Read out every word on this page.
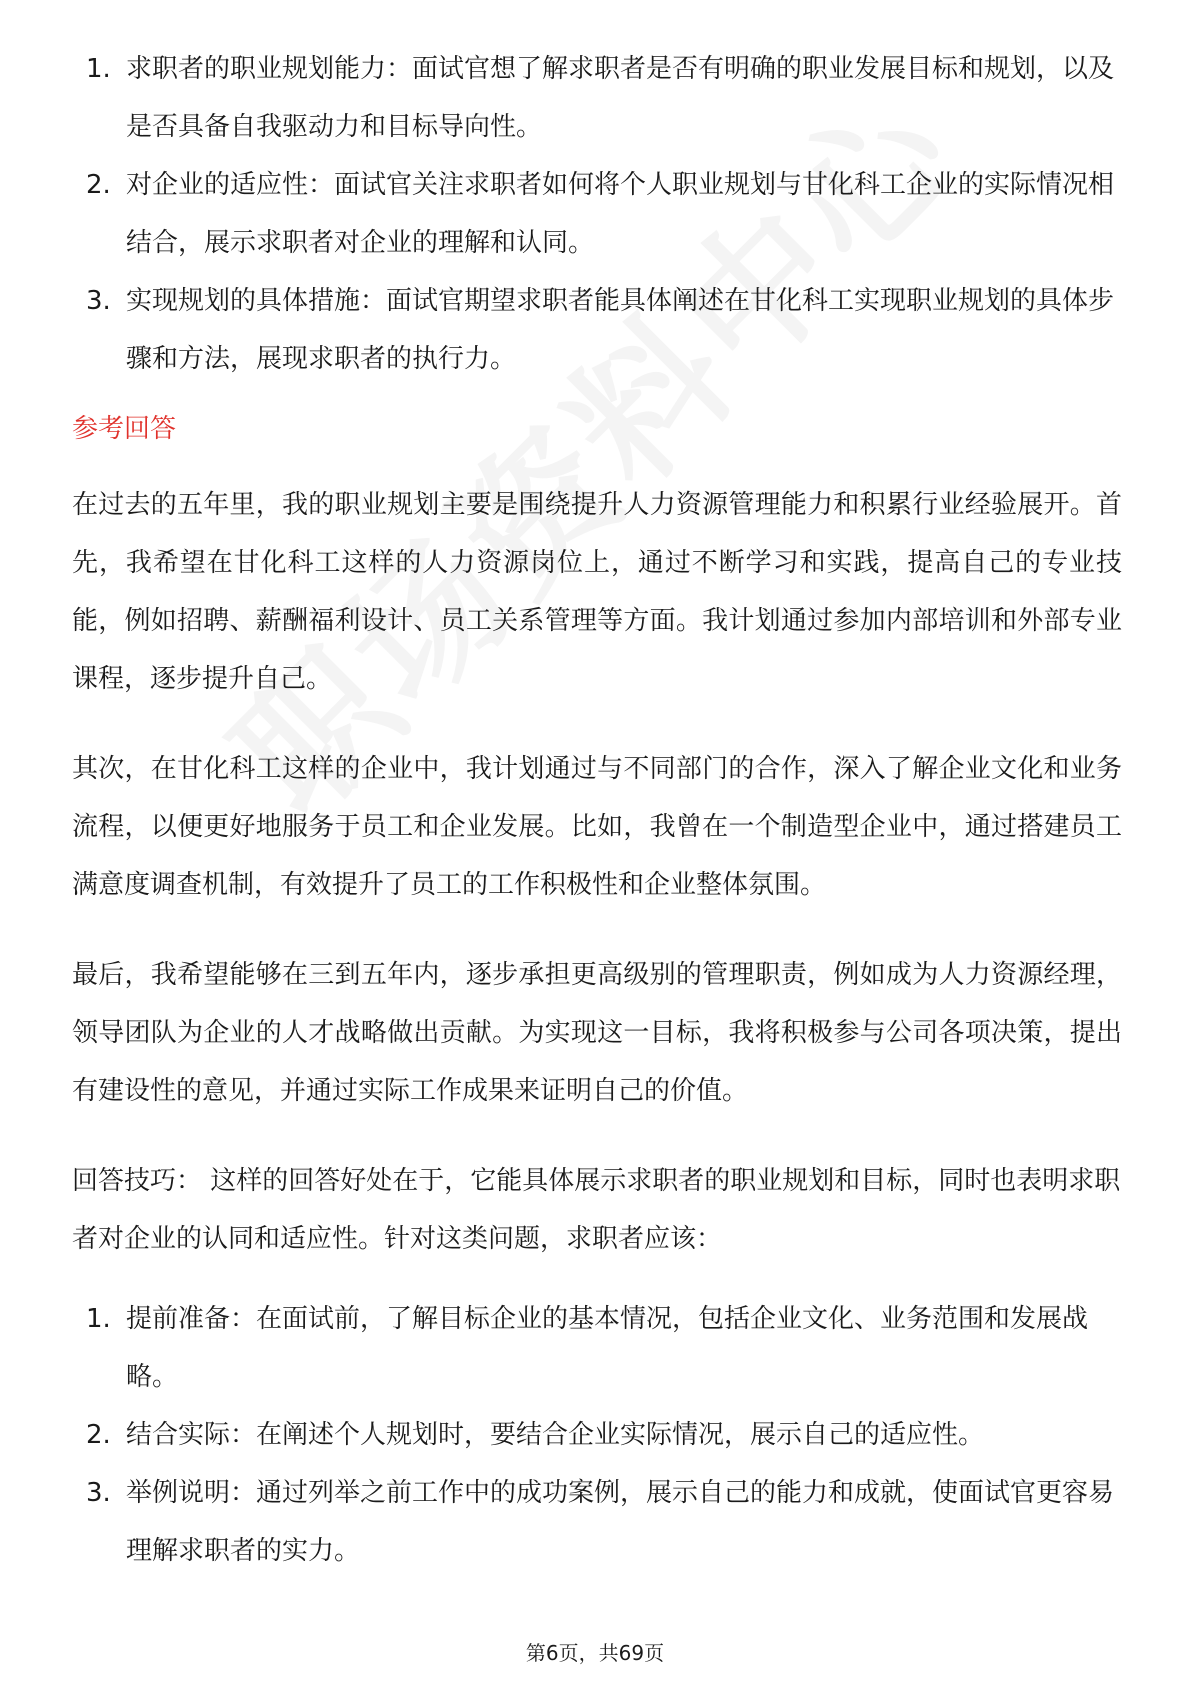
1. 求职者的职业规划能力：面试官想了解求职者是否有明确的职业发展目标和规划，以及是否具备自我驱动力和目标导向性。
2. 对企业的适应性：面试官关注求职者如何将个人职业规划与甘化科工企业的实际情况相结合，展示求职者对企业的理解和认同。
3. 实现规划的具体措施：面试官期望求职者能具体阐述在甘化科工实现职业规划的具体步骤和方法，展现求职者的执行力。
参考回答

在过去的五年里，我的职业规划主要是围绕提升人力资源管理能力和积累行业经验展开。首先，我希望在甘化科工这样的人力资源岗位上，通过不断学习和实践，提高自己的专业技能，例如招聘、薪酬福利设计、员工关系管理等方面。我计划通过参加内部培训和外部专业课程，逐步提升自己。

其次，在甘化科工这样的企业中，我计划通过与不同部门的合作，深入了解企业文化和业务流程，以便更好地服务于员工和企业发展。比如，我曾在一个制造型企业中，通过搭建员工满意度调查机制，有效提升了员工的工作积极性和企业整体氛围。

最后，我希望能够在三到五年内，逐步承担更高级别的管理职责，例如成为人力资源经理，领导团队为企业的人才战略做出贡献。为实现这一目标，我将积极参与公司各项决策，提出有建设性的意见，并通过实际工作成果来证明自己的价值。

回答技巧： 这样的回答好处在于，它能具体展示求职者的职业规划和目标，同时也表明求职者对企业的认同和适应性。针对这类问题，求职者应该：

1. 提前准备：在面试前，了解目标企业的基本情况，包括企业文化、业务范围和发展战略。
2. 结合实际：在阐述个人规划时，要结合企业实际情况，展示自己的适应性。
3. 举例说明：通过列举之前工作中的成功案例，展示自己的能力和成就，使面试官更容易理解求职者的实力。
第6页，共69页
